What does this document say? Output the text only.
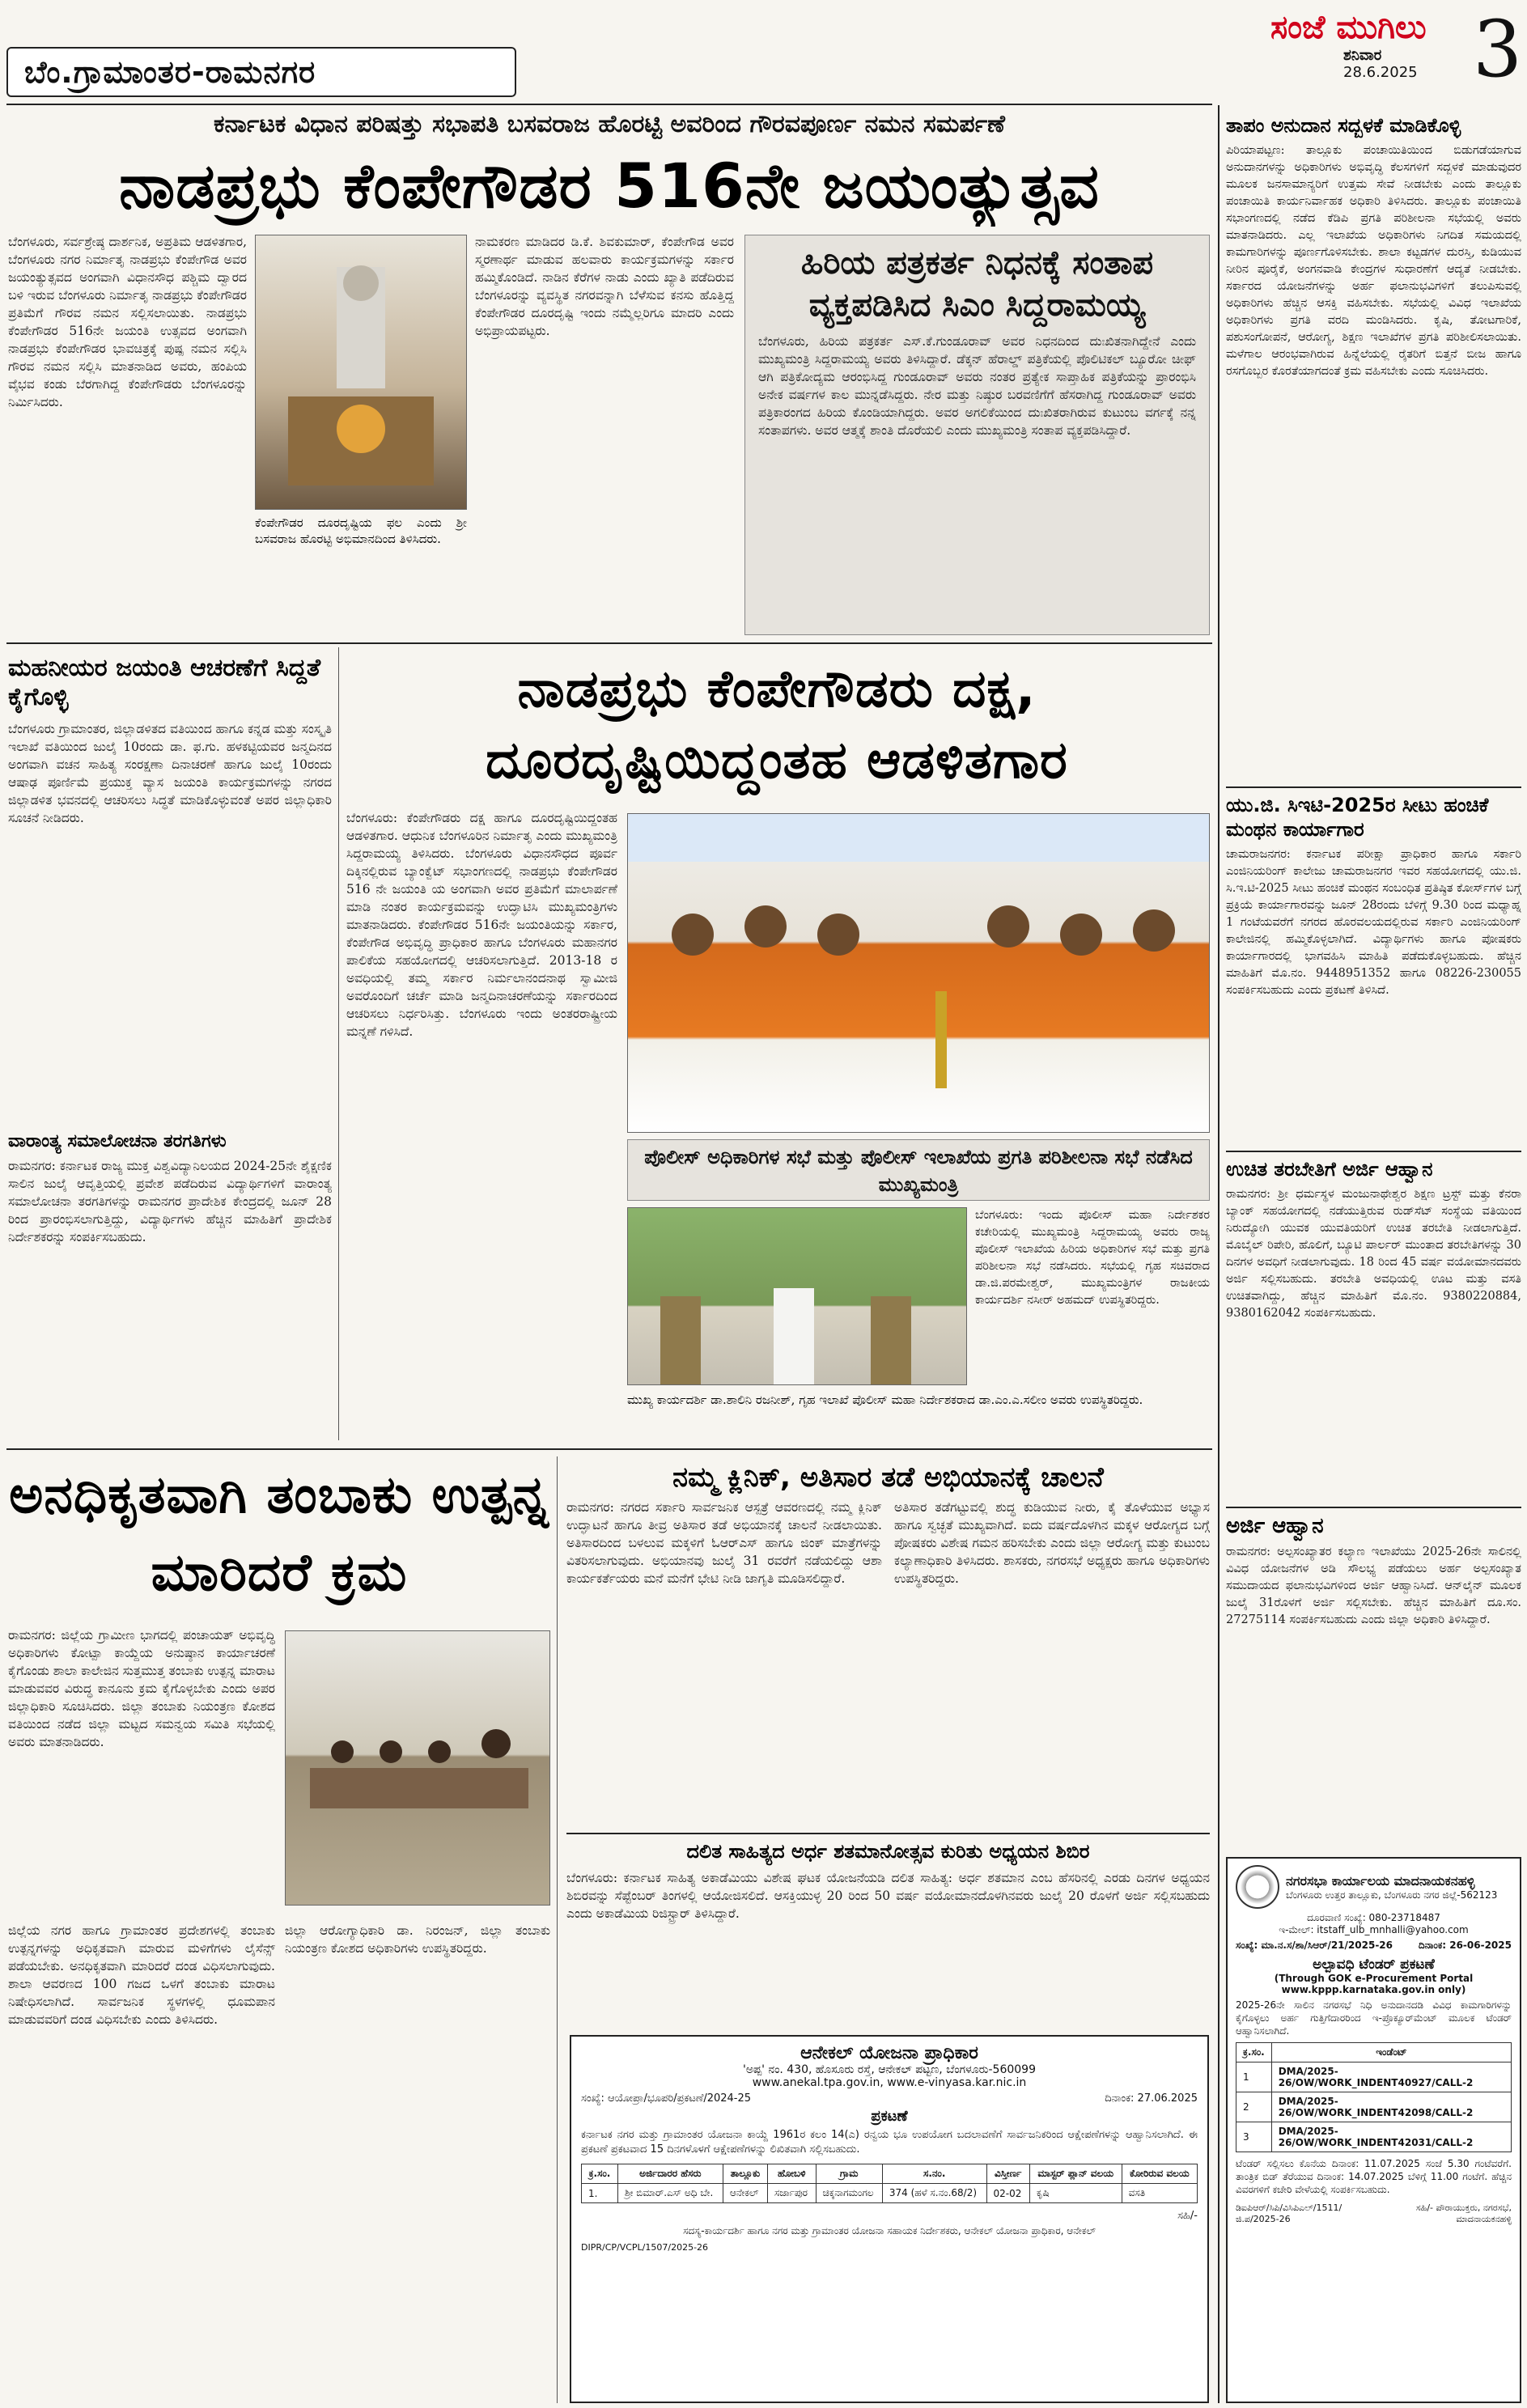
ಬೆಂ.ಗ್ರಾಮಾಂತರ-ರಾಮನಗರ
ಸಂಜೆ ಮುಗಿಲು
ಶನಿವಾರ
28.6.2025 3
ಕರ್ನಾಟಕ ವಿಧಾನ ಪರಿಷತ್ತು ಸಭಾಪತಿ ಬಸವರಾಜ ಹೊರಟ್ಟಿ ಅವರಿಂದ ಗೌರವಪೂರ್ಣ ನಮನ ಸಮರ್ಪಣೆ
ನಾಡಪ್ರಭು ಕೆಂಪೇಗೌಡರ 516ನೇ ಜಯಂತ್ಯುತ್ಸವ
ಬೆಂಗಳೂರು, ಸರ್ವಶ್ರೇಷ್ಠ ದಾರ್ಶನಿಕ, ಅಪ್ರತಿಮ ಆಡಳಿತಗಾರ, ಬೆಂಗಳೂರು ನಗರ ನಿರ್ಮಾತೃ ನಾಡಪ್ರಭು ಕೆಂಪೇಗೌಡ ಅವರ ಜಯಂತ್ಯುತ್ಸವದ ಅಂಗವಾಗಿ ವಿಧಾನಸೌಧ ಪಶ್ಚಿಮ ದ್ವಾರದ ಬಳಿ ಇರುವ ಬೆಂಗಳೂರು ನಿರ್ಮಾತೃ ನಾಡಪ್ರಭು ಕೆಂಪೇಗೌಡರ ಪ್ರತಿಮೆಗೆ ಗೌರವ ನಮನ ಸಲ್ಲಿಸಲಾಯಿತು. ನಾಡಪ್ರಭು ಕೆಂಪೇಗೌಡರ 516ನೇ ಜಯಂತಿ ಉತ್ಸವದ ಅಂಗವಾಗಿ ನಾಡಪ್ರಭು ಕೆಂಪೇಗೌಡರ ಭಾವಚಿತ್ರಕ್ಕೆ ಪುಷ್ಪ ನಮನ ಸಲ್ಲಿಸಿ ಗೌರವ ನಮನ ಸಲ್ಲಿಸಿ ಮಾತನಾಡಿದ ಅವರು, ಹಂಪಿಯ ವೈಭವ ಕಂಡು ಬೆರಗಾಗಿದ್ದ ಕೆಂಪೇಗೌಡರು ಬೆಂಗಳೂರನ್ನು ನಿರ್ಮಿಸಿದರು.
ಕೆಂಪೇಗೌಡರ ದೂರದೃಷ್ಟಿಯ ಫಲ ಎಂದು ಶ್ರೀ ಬಸವರಾಜ ಹೊರಟ್ಟಿ ಅಭಿಮಾನದಿಂದ ತಿಳಿಸಿದರು.
ನಾಮಕರಣ ಮಾಡಿದರ ಡಿ.ಕೆ. ಶಿವಕುಮಾರ್, ಕೆಂಪೇಗೌಡ ಅವರ ಸ್ಮರಣಾರ್ಥ ಮಾಡುವ ಹಲವಾರು ಕಾರ್ಯಕ್ರಮಗಳನ್ನು ಸರ್ಕಾರ ಹಮ್ಮಿಕೊಂಡಿದೆ. ನಾಡಿನ ಕೆರೆಗಳ ನಾಡು ಎಂದು ಖ್ಯಾತಿ ಪಡೆದಿರುವ ಬೆಂಗಳೂರನ್ನು ವ್ಯವಸ್ಥಿತ ನಗರವನ್ನಾಗಿ ಬೆಳೆಸುವ ಕನಸು ಹೊತ್ತಿದ್ದ ಕೆಂಪೇಗೌಡರ ದೂರದೃಷ್ಟಿ ಇಂದು ನಮ್ಮೆಲ್ಲರಿಗೂ ಮಾದರಿ ಎಂದು ಅಭಿಪ್ರಾಯಪಟ್ಟರು.
ಹಿರಿಯ ಪತ್ರಕರ್ತ ನಿಧನಕ್ಕೆ ಸಂತಾಪ ವ್ಯಕ್ತಪಡಿಸಿದ ಸಿಎಂ ಸಿದ್ದರಾಮಯ್ಯ
ಬೆಂಗಳೂರು, ಹಿರಿಯ ಪತ್ರಕರ್ತ ಎಸ್.ಕೆ.ಗುಂಡೂರಾವ್ ಅವರ ನಿಧನದಿಂದ ದುಃಖಿತನಾಗಿದ್ದೇನೆ ಎಂದು ಮುಖ್ಯಮಂತ್ರಿ ಸಿದ್ದರಾಮಯ್ಯ ಅವರು ತಿಳಿಸಿದ್ದಾರೆ. ಡೆಕ್ಕನ್ ಹೆರಾಲ್ಡ್ ಪತ್ರಿಕೆಯಲ್ಲಿ ಪೊಲಿಟಿಕಲ್ ಬ್ಯೂರೋ ಚೀಫ್ ಆಗಿ ಪತ್ರಿಕೋದ್ಯಮ ಆರಂಭಿಸಿದ್ದ ಗುಂಡೂರಾವ್ ಅವರು ನಂತರ ಪ್ರತ್ಯೇಕ ಸಾಪ್ತಾಹಿಕ ಪತ್ರಿಕೆಯನ್ನು ಪ್ರಾರಂಭಿಸಿ ಅನೇಕ ವರ್ಷಗಳ ಕಾಲ ಮುನ್ನಡೆಸಿದ್ದರು. ನೇರ ಮತ್ತು ನಿಷ್ಠುರ ಬರವಣಿಗೆಗೆ ಹೆಸರಾಗಿದ್ದ ಗುಂಡೂರಾವ್ ಅವರು ಪತ್ರಿಕಾರಂಗದ ಹಿರಿಯ ಕೊಂಡಿಯಾಗಿದ್ದರು. ಅವರ ಅಗಲಿಕೆಯಿಂದ ದುಃಖಿತರಾಗಿರುವ ಕುಟುಂಬ ವರ್ಗಕ್ಕೆ ನನ್ನ ಸಂತಾಪಗಳು. ಅವರ ಆತ್ಮಕ್ಕೆ ಶಾಂತಿ ದೊರೆಯಲಿ ಎಂದು ಮುಖ್ಯಮಂತ್ರಿ ಸಂತಾಪ ವ್ಯಕ್ತಪಡಿಸಿದ್ದಾರೆ.
ಮಹನೀಯರ ಜಯಂತಿ ಆಚರಣೆಗೆ ಸಿದ್ದತೆ ಕೈಗೊಳ್ಳಿ
ಬೆಂಗಳೂರು ಗ್ರಾಮಾಂತರ, ಜಿಲ್ಲಾಡಳಿತದ ವತಿಯಿಂದ ಹಾಗೂ ಕನ್ನಡ ಮತ್ತು ಸಂಸ್ಕೃತಿ ಇಲಾಖೆ ವತಿಯಿಂದ ಜುಲೈ 10ರಂದು ಡಾ. ಫ.ಗು. ಹಳಕಟ್ಟಿಯವರ ಜನ್ಮದಿನದ ಅಂಗವಾಗಿ ವಚನ ಸಾಹಿತ್ಯ ಸಂರಕ್ಷಣಾ ದಿನಾಚರಣೆ ಹಾಗೂ ಜುಲೈ 10ರಂದು ಆಷಾಢ ಪೂರ್ಣಿಮೆ ಪ್ರಯುಕ್ತ ವ್ಯಾಸ ಜಯಂತಿ ಕಾರ್ಯಕ್ರಮಗಳನ್ನು ನಗರದ ಜಿಲ್ಲಾಡಳಿತ ಭವನದಲ್ಲಿ ಆಚರಿಸಲು ಸಿದ್ಧತೆ ಮಾಡಿಕೊಳ್ಳುವಂತೆ ಅಪರ ಜಿಲ್ಲಾಧಿಕಾರಿ ಸೂಚನೆ ನೀಡಿದರು.
ವಾರಾಂತ್ಯ ಸಮಾಲೋಚನಾ ತರಗತಿಗಳು
ರಾಮನಗರ: ಕರ್ನಾಟಕ ರಾಜ್ಯ ಮುಕ್ತ ವಿಶ್ವವಿದ್ಯಾನಿಲಯದ 2024-25ನೇ ಶೈಕ್ಷಣಿಕ ಸಾಲಿನ ಜುಲೈ ಆವೃತ್ತಿಯಲ್ಲಿ ಪ್ರವೇಶ ಪಡೆದಿರುವ ವಿದ್ಯಾರ್ಥಿಗಳಿಗೆ ವಾರಾಂತ್ಯ ಸಮಾಲೋಚನಾ ತರಗತಿಗಳನ್ನು ರಾಮನಗರ ಪ್ರಾದೇಶಿಕ ಕೇಂದ್ರದಲ್ಲಿ ಜೂನ್ 28 ರಿಂದ ಪ್ರಾರಂಭಿಸಲಾಗುತ್ತಿದ್ದು, ವಿದ್ಯಾರ್ಥಿಗಳು ಹೆಚ್ಚಿನ ಮಾಹಿತಿಗೆ ಪ್ರಾದೇಶಿಕ ನಿರ್ದೇಶಕರನ್ನು ಸಂಪರ್ಕಿಸಬಹುದು.
ನಾಡಪ್ರಭು ಕೆಂಪೇಗೌಡರು ದಕ್ಷ, ದೂರದೃಷ್ಟಿಯಿದ್ದಂತಹ ಆಡಳಿತಗಾರ
ಬೆಂಗಳೂರು: ಕೆಂಪೇಗೌಡರು ದಕ್ಷ ಹಾಗೂ ದೂರದೃಷ್ಟಿಯಿದ್ದಂತಹ ಆಡಳಿತಗಾರ. ಆಧುನಿಕ ಬೆಂಗಳೂರಿನ ನಿರ್ಮಾತೃ ಎಂದು ಮುಖ್ಯಮಂತ್ರಿ ಸಿದ್ದರಾಮಯ್ಯ ತಿಳಿಸಿದರು. ಬೆಂಗಳೂರು ವಿಧಾನಸೌಧದ ಪೂರ್ವ ದಿಕ್ಕಿನಲ್ಲಿರುವ ಬ್ಯಾಂಕ್ವೆಟ್ ಸಭಾಂಗಣದಲ್ಲಿ ನಾಡಪ್ರಭು ಕೆಂಪೇಗೌಡರ 516 ನೇ ಜಯಂತಿ ಯ ಅಂಗವಾಗಿ ಅವರ ಪ್ರತಿಮೆಗೆ ಮಾಲಾರ್ಪಣೆ ಮಾಡಿ ನಂತರ ಕಾರ್ಯಕ್ರಮವನ್ನು ಉದ್ಘಾಟಿಸಿ ಮುಖ್ಯಮಂತ್ರಿಗಳು ಮಾತನಾಡಿದರು. ಕೆಂಪೇಗೌಡರ 516ನೇ ಜಯಂತಿಯನ್ನು ಸರ್ಕಾರ, ಕೆಂಪೇಗೌಡ ಅಭಿವೃದ್ಧಿ ಪ್ರಾಧಿಕಾರ ಹಾಗೂ ಬೆಂಗಳೂರು ಮಹಾನಗರ ಪಾಲಿಕೆಯ ಸಹಯೋಗದಲ್ಲಿ ಆಚರಿಸಲಾಗುತ್ತಿದೆ. 2013-18 ರ ಅವಧಿಯಲ್ಲಿ ತಮ್ಮ ಸರ್ಕಾರ ನಿರ್ಮಲಾನಂದನಾಥ ಸ್ವಾಮೀಜಿ ಅವರೊಂದಿಗೆ ಚರ್ಚೆ ಮಾಡಿ ಜನ್ಮದಿನಾಚರಣೆಯನ್ನು ಸರ್ಕಾರದಿಂದ ಆಚರಿಸಲು ನಿರ್ಧರಿಸಿತ್ತು. ಬೆಂಗಳೂರು ಇಂದು ಅಂತರರಾಷ್ಟ್ರೀಯ ಮನ್ನಣೆ ಗಳಿಸಿದೆ.
ಪೊಲೀಸ್ ಅಧಿಕಾರಿಗಳ ಸಭೆ ಮತ್ತು ಪೊಲೀಸ್ ಇಲಾಖೆಯ ಪ್ರಗತಿ ಪರಿಶೀಲನಾ ಸಭೆ ನಡೆಸಿದ ಮುಖ್ಯಮಂತ್ರಿ
ಬೆಂಗಳೂರು: ಇಂದು ಪೊಲೀಸ್ ಮಹಾ ನಿರ್ದೇಶಕರ ಕಚೇರಿಯಲ್ಲಿ ಮುಖ್ಯಮಂತ್ರಿ ಸಿದ್ದರಾಮಯ್ಯ ಅವರು ರಾಜ್ಯ ಪೊಲೀಸ್ ಇಲಾಖೆಯ ಹಿರಿಯ ಅಧಿಕಾರಿಗಳ ಸಭೆ ಮತ್ತು ಪ್ರಗತಿ ಪರಿಶೀಲನಾ ಸಭೆ ನಡೆಸಿದರು. ಸಭೆಯಲ್ಲಿ ಗೃಹ ಸಚಿವರಾದ ಡಾ.ಜಿ.ಪರಮೇಶ್ವರ್, ಮುಖ್ಯಮಂತ್ರಿಗಳ ರಾಜಕೀಯ ಕಾರ್ಯದರ್ಶಿ ನಸೀರ್ ಅಹಮದ್ ಉಪಸ್ಥಿತರಿದ್ದರು.
ಮುಖ್ಯ ಕಾರ್ಯದರ್ಶಿ ಡಾ.ಶಾಲಿನಿ ರಜನೀಶ್, ಗೃಹ ಇಲಾಖೆ ಪೊಲೀಸ್ ಮಹಾ ನಿರ್ದೇಶಕರಾದ ಡಾ.ಎಂ.ಎ.ಸಲೀಂ ಅವರು ಉಪಸ್ಥಿತರಿದ್ದರು.
ಅನಧಿಕೃತವಾಗಿ ತಂಬಾಕು ಉತ್ಪನ್ನ ಮಾರಿದರೆ ಕ್ರಮ
ರಾಮನಗರ: ಜಿಲ್ಲೆಯ ಗ್ರಾಮೀಣ ಭಾಗದಲ್ಲಿ ಪಂಚಾಯತ್ ಅಭಿವೃದ್ಧಿ ಅಧಿಕಾರಿಗಳು ಕೋಟ್ಪಾ ಕಾಯ್ದೆಯ ಅನುಷ್ಠಾನ ಕಾರ್ಯಾಚರಣೆ ಕೈಗೊಂಡು ಶಾಲಾ ಕಾಲೇಜಿನ ಸುತ್ತಮುತ್ತ ತಂಬಾಕು ಉತ್ಪನ್ನ ಮಾರಾಟ ಮಾಡುವವರ ವಿರುದ್ಧ ಕಾನೂನು ಕ್ರಮ ಕೈಗೊಳ್ಳಬೇಕು ಎಂದು ಅಪರ ಜಿಲ್ಲಾಧಿಕಾರಿ ಸೂಚಿಸಿದರು. ಜಿಲ್ಲಾ ತಂಬಾಕು ನಿಯಂತ್ರಣ ಕೋಶದ ವತಿಯಿಂದ ನಡೆದ ಜಿಲ್ಲಾ ಮಟ್ಟದ ಸಮನ್ವಯ ಸಮಿತಿ ಸಭೆಯಲ್ಲಿ ಅವರು ಮಾತನಾಡಿದರು.
ಜಿಲ್ಲೆಯ ನಗರ ಹಾಗೂ ಗ್ರಾಮಾಂತರ ಪ್ರದೇಶಗಳಲ್ಲಿ ತಂಬಾಕು ಉತ್ಪನ್ನಗಳನ್ನು ಅಧಿಕೃತವಾಗಿ ಮಾರುವ ಮಳಿಗೆಗಳು ಲೈಸೆನ್ಸ್ ಪಡೆಯಬೇಕು. ಅನಧಿಕೃತವಾಗಿ ಮಾರಿದರೆ ದಂಡ ವಿಧಿಸಲಾಗುವುದು. ಶಾಲಾ ಆವರಣದ 100 ಗಜದ ಒಳಗೆ ತಂಬಾಕು ಮಾರಾಟ ನಿಷೇಧಿಸಲಾಗಿದೆ. ಸಾರ್ವಜನಿಕ ಸ್ಥಳಗಳಲ್ಲಿ ಧೂಮಪಾನ ಮಾಡುವವರಿಗೆ ದಂಡ ವಿಧಿಸಬೇಕು ಎಂದು ತಿಳಿಸಿದರು.
ಜಿಲ್ಲಾ ಆರೋಗ್ಯಾಧಿಕಾರಿ ಡಾ. ನಿರಂಜನ್, ಜಿಲ್ಲಾ ತಂಬಾಕು ನಿಯಂತ್ರಣ ಕೋಶದ ಅಧಿಕಾರಿಗಳು ಉಪಸ್ಥಿತರಿದ್ದರು.
ನಮ್ಮ ಕ್ಲಿನಿಕ್, ಅತಿಸಾರ ತಡೆ ಅಭಿಯಾನಕ್ಕೆ ಚಾಲನೆ
ರಾಮನಗರ: ನಗರದ ಸರ್ಕಾರಿ ಸಾರ್ವಜನಿಕ ಆಸ್ಪತ್ರೆ ಆವರಣದಲ್ಲಿ ನಮ್ಮ ಕ್ಲಿನಿಕ್ ಉದ್ಘಾಟನೆ ಹಾಗೂ ತೀವ್ರ ಅತಿಸಾರ ತಡೆ ಅಭಿಯಾನಕ್ಕೆ ಚಾಲನೆ ನೀಡಲಾಯಿತು. ಅತಿಸಾರದಿಂದ ಬಳಲುವ ಮಕ್ಕಳಿಗೆ ಓಆರ್‌ಎಸ್ ಹಾಗೂ ಜಿಂಕ್ ಮಾತ್ರೆಗಳನ್ನು ವಿತರಿಸಲಾಗುವುದು. ಅಭಿಯಾನವು ಜುಲೈ 31 ರವರೆಗೆ ನಡೆಯಲಿದ್ದು ಆಶಾ ಕಾರ್ಯಕರ್ತೆಯರು ಮನೆ ಮನೆಗೆ ಭೇಟಿ ನೀಡಿ ಜಾಗೃತಿ ಮೂಡಿಸಲಿದ್ದಾರೆ.
ಅತಿಸಾರ ತಡೆಗಟ್ಟುವಲ್ಲಿ ಶುದ್ಧ ಕುಡಿಯುವ ನೀರು, ಕೈ ತೊಳೆಯುವ ಅಭ್ಯಾಸ ಹಾಗೂ ಸ್ವಚ್ಛತೆ ಮುಖ್ಯವಾಗಿದೆ. ಐದು ವರ್ಷದೊಳಗಿನ ಮಕ್ಕಳ ಆರೋಗ್ಯದ ಬಗ್ಗೆ ಪೋಷಕರು ವಿಶೇಷ ಗಮನ ಹರಿಸಬೇಕು ಎಂದು ಜಿಲ್ಲಾ ಆರೋಗ್ಯ ಮತ್ತು ಕುಟುಂಬ ಕಲ್ಯಾಣಾಧಿಕಾರಿ ತಿಳಿಸಿದರು. ಶಾಸಕರು, ನಗರಸಭೆ ಅಧ್ಯಕ್ಷರು ಹಾಗೂ ಅಧಿಕಾರಿಗಳು ಉಪಸ್ಥಿತರಿದ್ದರು.
ದಲಿತ ಸಾಹಿತ್ಯದ ಅರ್ಧ ಶತಮಾನೋತ್ಸವ ಕುರಿತು ಅಧ್ಯಯನ ಶಿಬಿರ
ಬೆಂಗಳೂರು: ಕರ್ನಾಟಕ ಸಾಹಿತ್ಯ ಅಕಾಡೆಮಿಯು ವಿಶೇಷ ಘಟಕ ಯೋಜನೆಯಡಿ ದಲಿತ ಸಾಹಿತ್ಯ: ಅರ್ಧ ಶತಮಾನ ಎಂಬ ಹೆಸರಿನಲ್ಲಿ ಎರಡು ದಿನಗಳ ಅಧ್ಯಯನ ಶಿಬಿರವನ್ನು ಸೆಪ್ಟೆಂಬರ್ ತಿಂಗಳಲ್ಲಿ ಆಯೋಜಿಸಲಿದೆ. ಆಸಕ್ತಿಯುಳ್ಳ 20 ರಿಂದ 50 ವರ್ಷ ವಯೋಮಾನದೊಳಗಿನವರು ಜುಲೈ 20 ರೊಳಗೆ ಅರ್ಜಿ ಸಲ್ಲಿಸಬಹುದು ಎಂದು ಅಕಾಡೆಮಿಯ ರಿಜಿಸ್ಟ್ರಾರ್ ತಿಳಿಸಿದ್ದಾರೆ.
ಆನೇಕಲ್ ಯೋಜನಾ ಪ್ರಾಧಿಕಾರ
'ಅಪ್ಪ' ನಂ. 430, ಹೊಸೂರು ರಸ್ತೆ, ಆನೇಕಲ್ ಪಟ್ಟಣ, ಬೆಂಗಳೂರು-560099
www.anekal.tpa.gov.in, www.e-vinyasa.kar.nic.in
ಸಂಖ್ಯೆ: ಆಯೋಪ್ರಾ/ಭೂಪರಿ/ಪ್ರಕಟಣೆ/2024-25	ದಿನಾಂಕ: 27.06.2025
ಪ್ರಕಟಣೆ
ಕರ್ನಾಟಕ ನಗರ ಮತ್ತು ಗ್ರಾಮಾಂತರ ಯೋಜನಾ ಕಾಯ್ದೆ 1961ರ ಕಲಂ 14(ಎ) ರನ್ವಯ ಭೂ ಉಪಯೋಗ ಬದಲಾವಣೆಗೆ ಸಾರ್ವಜನಿಕರಿಂದ ಆಕ್ಷೇಪಣೆಗಳನ್ನು ಆಹ್ವಾನಿಸಲಾಗಿದೆ. ಈ ಪ್ರಕಟಣೆ ಪ್ರಕಟವಾದ 15 ದಿನಗಳೊಳಗೆ ಆಕ್ಷೇಪಣೆಗಳನ್ನು ಲಿಖಿತವಾಗಿ ಸಲ್ಲಿಸಬಹುದು.
ಕ್ರ.ಸಂ.	ಅರ್ಜಿದಾರರ ಹೆಸರು	ತಾಲ್ಲೂಕು	ಹೋಬಳಿ	ಗ್ರಾಮ	ಸ.ನಂ.	ವಿಸ್ತೀರ್ಣ	ಮಾಸ್ಟರ್ ಪ್ಲಾನ್ ವಲಯ	ಕೋರಿರುವ ವಲಯ
1.	ಶ್ರೀ ಬಿಮಾರ್.ಎಸ್ ಅಧಿ ಬೇ.	ಆನೇಕಲ್	ಸರ್ಜಾಪುರ	ಚಿಕ್ಕನಾಗಮಂಗಲ	374 (ಹಳೆ ಸ.ನಂ.68/2)	02-02	ಕೃಷಿ	ವಸತಿ
ಸಹಿ/-
ಸದಸ್ಯ-ಕಾರ್ಯದರ್ಶಿ ಹಾಗೂ ನಗರ ಮತ್ತು ಗ್ರಾಮಾಂತರ ಯೋಜನಾ ಸಹಾಯಕ ನಿರ್ದೇಶಕರು, ಆನೇಕಲ್ ಯೋಜನಾ ಪ್ರಾಧಿಕಾರ, ಆನೇಕಲ್
DIPR/CP/VCPL/1507/2025-26
ತಾಪಂ ಅನುದಾನ ಸದ್ಬಳಕೆ ಮಾಡಿಕೊಳ್ಳಿ
ಪಿರಿಯಾಪಟ್ಟಣ: ತಾಲ್ಲೂಕು ಪಂಚಾಯಿತಿಯಿಂದ ಬಿಡುಗಡೆಯಾಗುವ ಅನುದಾನಗಳನ್ನು ಅಧಿಕಾರಿಗಳು ಅಭಿವೃದ್ಧಿ ಕೆಲಸಗಳಿಗೆ ಸದ್ಬಳಕೆ ಮಾಡುವುದರ ಮೂಲಕ ಜನಸಾಮಾನ್ಯರಿಗೆ ಉತ್ತಮ ಸೇವೆ ನೀಡಬೇಕು ಎಂದು ತಾಲ್ಲೂಕು ಪಂಚಾಯಿತಿ ಕಾರ್ಯನಿರ್ವಾಹಕ ಅಧಿಕಾರಿ ತಿಳಿಸಿದರು. ತಾಲ್ಲೂಕು ಪಂಚಾಯಿತಿ ಸಭಾಂಗಣದಲ್ಲಿ ನಡೆದ ಕೆಡಿಪಿ ಪ್ರಗತಿ ಪರಿಶೀಲನಾ ಸಭೆಯಲ್ಲಿ ಅವರು ಮಾತನಾಡಿದರು. ಎಲ್ಲ ಇಲಾಖೆಯ ಅಧಿಕಾರಿಗಳು ನಿಗದಿತ ಸಮಯದಲ್ಲಿ ಕಾಮಗಾರಿಗಳನ್ನು ಪೂರ್ಣಗೊಳಿಸಬೇಕು. ಶಾಲಾ ಕಟ್ಟಡಗಳ ದುರಸ್ತಿ, ಕುಡಿಯುವ ನೀರಿನ ಪೂರೈಕೆ, ಅಂಗನವಾಡಿ ಕೇಂದ್ರಗಳ ಸುಧಾರಣೆಗೆ ಆದ್ಯತೆ ನೀಡಬೇಕು. ಸರ್ಕಾರದ ಯೋಜನೆಗಳನ್ನು ಅರ್ಹ ಫಲಾನುಭವಿಗಳಿಗೆ ತಲುಪಿಸುವಲ್ಲಿ ಅಧಿಕಾರಿಗಳು ಹೆಚ್ಚಿನ ಆಸಕ್ತಿ ವಹಿಸಬೇಕು. ಸಭೆಯಲ್ಲಿ ವಿವಿಧ ಇಲಾಖೆಯ ಅಧಿಕಾರಿಗಳು ಪ್ರಗತಿ ವರದಿ ಮಂಡಿಸಿದರು. ಕೃಷಿ, ತೋಟಗಾರಿಕೆ, ಪಶುಸಂಗೋಪನೆ, ಆರೋಗ್ಯ, ಶಿಕ್ಷಣ ಇಲಾಖೆಗಳ ಪ್ರಗತಿ ಪರಿಶೀಲಿಸಲಾಯಿತು. ಮಳೆಗಾಲ ಆರಂಭವಾಗಿರುವ ಹಿನ್ನೆಲೆಯಲ್ಲಿ ರೈತರಿಗೆ ಬಿತ್ತನೆ ಬೀಜ ಹಾಗೂ ರಸಗೊಬ್ಬರ ಕೊರತೆಯಾಗದಂತೆ ಕ್ರಮ ವಹಿಸಬೇಕು ಎಂದು ಸೂಚಿಸಿದರು.
ಯು.ಜಿ. ಸಿಇಟಿ-2025ರ ಸೀಟು ಹಂಚಿಕೆ ಮಂಥನ ಕಾರ್ಯಾಗಾರ
ಚಾಮರಾಜನಗರ: ಕರ್ನಾಟಕ ಪರೀಕ್ಷಾ ಪ್ರಾಧಿಕಾರ ಹಾಗೂ ಸರ್ಕಾರಿ ಎಂಜಿನಿಯರಿಂಗ್ ಕಾಲೇಜು ಚಾಮರಾಜನಗರ ಇವರ ಸಹಯೋಗದಲ್ಲಿ ಯು.ಜಿ. ಸಿ.ಇ.ಟಿ-2025 ಸೀಟು ಹಂಚಿಕೆ ಮಂಥನ ಸಂಬಂಧಿತ ಪ್ರತಿಷ್ಠಿತ ಕೋರ್ಸ್‌ಗಳ ಬಗ್ಗೆ ಪ್ರಕ್ರಿಯೆ ಕಾರ್ಯಾಗಾರವನ್ನು ಜೂನ್ 28ರಂದು ಬೆಳಿಗ್ಗೆ 9.30 ರಿಂದ ಮಧ್ಯಾಹ್ನ 1 ಗಂಟೆಯವರೆಗೆ ನಗರದ ಹೊರವಲಯದಲ್ಲಿರುವ ಸರ್ಕಾರಿ ಎಂಜಿನಿಯರಿಂಗ್ ಕಾಲೇಜಿನಲ್ಲಿ ಹಮ್ಮಿಕೊಳ್ಳಲಾಗಿದೆ. ವಿದ್ಯಾರ್ಥಿಗಳು ಹಾಗೂ ಪೋಷಕರು ಕಾರ್ಯಾಗಾರದಲ್ಲಿ ಭಾಗವಹಿಸಿ ಮಾಹಿತಿ ಪಡೆದುಕೊಳ್ಳಬಹುದು. ಹೆಚ್ಚಿನ ಮಾಹಿತಿಗೆ ಮೊ.ನಂ. 9448951352 ಹಾಗೂ 08226-230055 ಸಂಪರ್ಕಿಸಬಹುದು ಎಂದು ಪ್ರಕಟಣೆ ತಿಳಿಸಿದೆ.
ಉಚಿತ ತರಬೇತಿಗೆ ಅರ್ಜಿ ಆಹ್ವಾನ
ರಾಮನಗರ: ಶ್ರೀ ಧರ್ಮಸ್ಥಳ ಮಂಜುನಾಥೇಶ್ವರ ಶಿಕ್ಷಣ ಟ್ರಸ್ಟ್ ಮತ್ತು ಕೆನರಾ ಬ್ಯಾಂಕ್ ಸಹಯೋಗದಲ್ಲಿ ನಡೆಯುತ್ತಿರುವ ರುಡ್‌ಸೆಟ್ ಸಂಸ್ಥೆಯ ವತಿಯಿಂದ ನಿರುದ್ಯೋಗಿ ಯುವಕ ಯುವತಿಯರಿಗೆ ಉಚಿತ ತರಬೇತಿ ನೀಡಲಾಗುತ್ತಿದೆ. ಮೊಬೈಲ್ ರಿಪೇರಿ, ಹೊಲಿಗೆ, ಬ್ಯೂಟಿ ಪಾರ್ಲರ್ ಮುಂತಾದ ತರಬೇತಿಗಳನ್ನು 30 ದಿನಗಳ ಅವಧಿಗೆ ನೀಡಲಾಗುವುದು. 18 ರಿಂದ 45 ವರ್ಷ ವಯೋಮಾನದವರು ಅರ್ಜಿ ಸಲ್ಲಿಸಬಹುದು. ತರಬೇತಿ ಅವಧಿಯಲ್ಲಿ ಊಟ ಮತ್ತು ವಸತಿ ಉಚಿತವಾಗಿದ್ದು, ಹೆಚ್ಚಿನ ಮಾಹಿತಿಗೆ ಮೊ.ನಂ. 9380220884, 9380162042 ಸಂಪರ್ಕಿಸಬಹುದು.
ಅರ್ಜಿ ಆಹ್ವಾನ
ರಾಮನಗರ: ಅಲ್ಪಸಂಖ್ಯಾತರ ಕಲ್ಯಾಣ ಇಲಾಖೆಯು 2025-26ನೇ ಸಾಲಿನಲ್ಲಿ ವಿವಿಧ ಯೋಜನೆಗಳ ಅಡಿ ಸೌಲಭ್ಯ ಪಡೆಯಲು ಅರ್ಹ ಅಲ್ಪಸಂಖ್ಯಾತ ಸಮುದಾಯದ ಫಲಾನುಭವಿಗಳಿಂದ ಅರ್ಜಿ ಆಹ್ವಾನಿಸಿದೆ. ಆನ್‌ಲೈನ್ ಮೂಲಕ ಜುಲೈ 31ರೊಳಗೆ ಅರ್ಜಿ ಸಲ್ಲಿಸಬೇಕು. ಹೆಚ್ಚಿನ ಮಾಹಿತಿಗೆ ದೂ.ಸಂ. 27275114 ಸಂಪರ್ಕಿಸಬಹುದು ಎಂದು ಜಿಲ್ಲಾ ಅಧಿಕಾರಿ ತಿಳಿಸಿದ್ದಾರೆ.
ನಗರಸಭಾ ಕಾರ್ಯಾಲಯ ಮಾದನಾಯಕನಹಳ್ಳಿ
ಬೆಂಗಳೂರು ಉತ್ತರ ತಾಲ್ಲೂಕು, ಬೆಂಗಳೂರು ನಗರ ಜಿಲ್ಲೆ-562123
ದೂರವಾಣಿ ಸಂಖ್ಯೆ: 080-23718487
ಇ-ಮೇಲ್: itstaff_ulb_mnhalli@yahoo.com
ಸಂಖ್ಯೆ: ಮಾ.ನ.ಸ/ಶಾ/ಸಿಆರ್/21/2025-26	ದಿನಾಂಕ: 26-06-2025
ಅಲ್ಪಾವಧಿ ಟೆಂಡರ್ ಪ್ರಕಟಣೆ
(Through GOK e-Procurement Portal www.kppp.karnataka.gov.in only)
2025-26ನೇ ಸಾಲಿನ ನಗರಸಭೆ ನಿಧಿ ಅನುದಾನದಡಿ ವಿವಿಧ ಕಾಮಗಾರಿಗಳನ್ನು ಕೈಗೊಳ್ಳಲು ಅರ್ಹ ಗುತ್ತಿಗೆದಾರರಿಂದ ಇ-ಪ್ರೊಕ್ಯೂರ್‌ಮೆಂಟ್ ಮೂಲಕ ಟೆಂಡರ್ ಆಹ್ವಾನಿಸಲಾಗಿದೆ.
ಕ್ರ.ಸಂ.	ಇಂಡೆಂಟ್
1	DMA/2025-26/OW/WORK_INDENT40927/CALL-2
2	DMA/2025-26/OW/WORK_INDENT42098/CALL-2
3	DMA/2025-26/OW/WORK_INDENT42031/CALL-2
ಟೆಂಡರ್ ಸಲ್ಲಿಸಲು ಕೊನೆಯ ದಿನಾಂಕ: 11.07.2025 ಸಂಜೆ 5.30 ಗಂಟೆವರೆಗೆ. ತಾಂತ್ರಿಕ ಬಿಡ್ ತೆರೆಯುವ ದಿನಾಂಕ: 14.07.2025 ಬೆಳಿಗ್ಗೆ 11.00 ಗಂಟೆಗೆ. ಹೆಚ್ಚಿನ ವಿವರಗಳಿಗೆ ಕಚೇರಿ ವೇಳೆಯಲ್ಲಿ ಸಂಪರ್ಕಿಸಬಹುದು.
ಡಿಐಪಿಆರ್/ಸಿಪಿ/ವಿಸಿಪಿಎಲ್/1511/ಜಿ.ಪ/2025-26
ಸಹಿ/- ಪೌರಾಯುಕ್ತರು, ನಗರಸಭೆ, ಮಾದನಾಯಕನಹಳ್ಳಿ
